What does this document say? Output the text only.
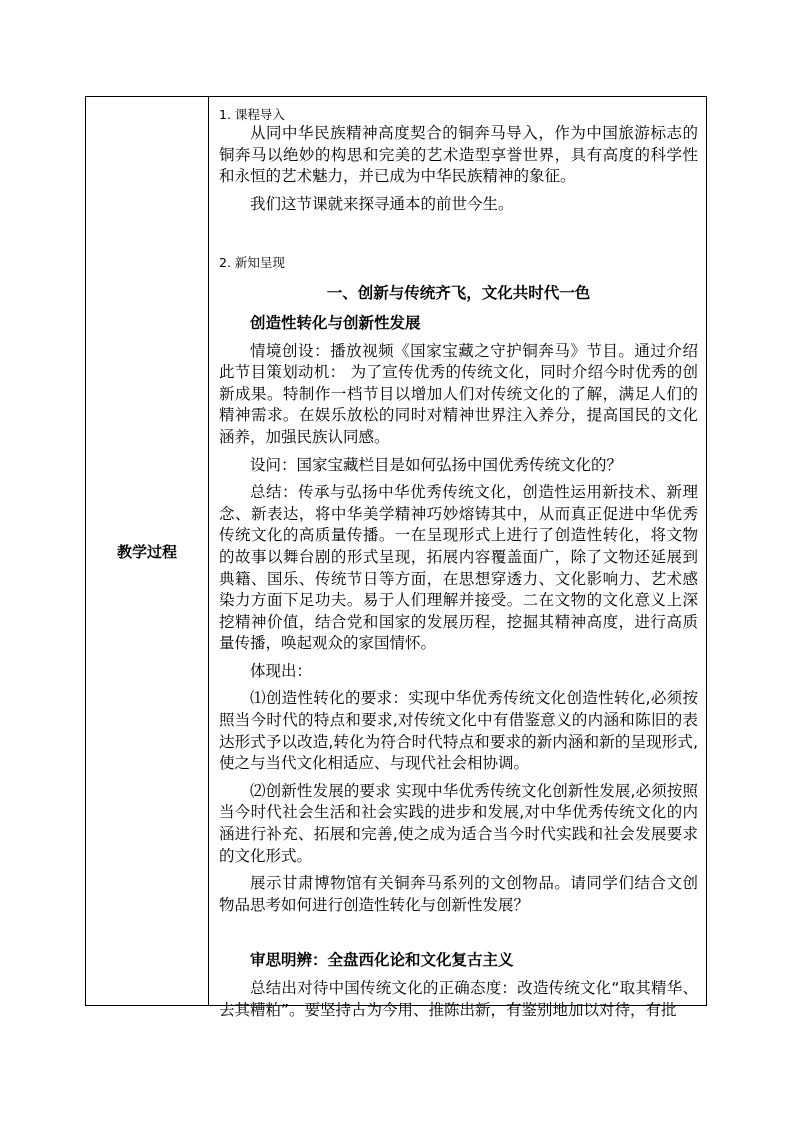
教学过程	

1. 课程导入

从同中华民族精神高度契合的铜奔马导入，作为中国旅游标志的铜奔马以绝妙的构思和完美的艺术造型享誉世界，具有高度的科学性和永恒的艺术魅力，并已成为中华民族精神的象征。

我们这节课就来探寻通本的前世今生。

2. 新知呈现

一、创新与传统齐飞，文化共时代一色

创造性转化与创新性发展

情境创设：播放视频《国家宝藏之守护铜奔马》节目。通过介绍此节目策划动机： 为了宣传优秀的传统文化，同时介绍今时优秀的创新成果。特制作一档节目以增加人们对传统文化的了解，满足人们的精神需求。在娱乐放松的同时对精神世界注入养分，提高国民的文化涵养，加强民族认同感。

设问：国家宝藏栏目是如何弘扬中国优秀传统文化的？

总结：传承与弘扬中华优秀传统文化，创造性运用新技术、新理念、新表达，将中华美学精神巧妙熔铸其中，从而真正促进中华优秀传统文化的高质量传播。一在呈现形式上进行了创造性转化，将文物的故事以舞台剧的形式呈现，拓展内容覆盖面广，除了文物还延展到典籍、国乐、传统节日等方面，在思想穿透力、文化影响力、艺术感染力方面下足功夫。易于人们理解并接受。二在文物的文化意义上深挖精神价值，结合党和国家的发展历程，挖掘其精神高度，进行高质量传播，唤起观众的家国情怀。

体现出：

⑴创造性转化的要求：实现中华优秀传统文化创造性转化,必须按照当今时代的特点和要求,对传统文化中有借鉴意义的内涵和陈旧的表达形式予以改造,转化为符合时代特点和要求的新内涵和新的呈现形式,使之与当代文化相适应、与现代社会相协调。

⑵创新性发展的要求 实现中华优秀传统文化创新性发展,必须按照当今时代社会生活和社会实践的进步和发展,对中华优秀传统文化的内涵进行补充、拓展和完善,使之成为适合当今时代实践和社会发展要求的文化形式。

展示甘肃博物馆有关铜奔马系列的文创物品。请同学们结合文创物品思考如何进行创造性转化与创新性发展？

审思明辨：全盘西化论和文化复古主义

总结出对待中国传统文化的正确态度：改造传统文化“取其精华、去其糟粕”。要坚持古为今用、推陈出新，有鉴别地加以对待，有批
